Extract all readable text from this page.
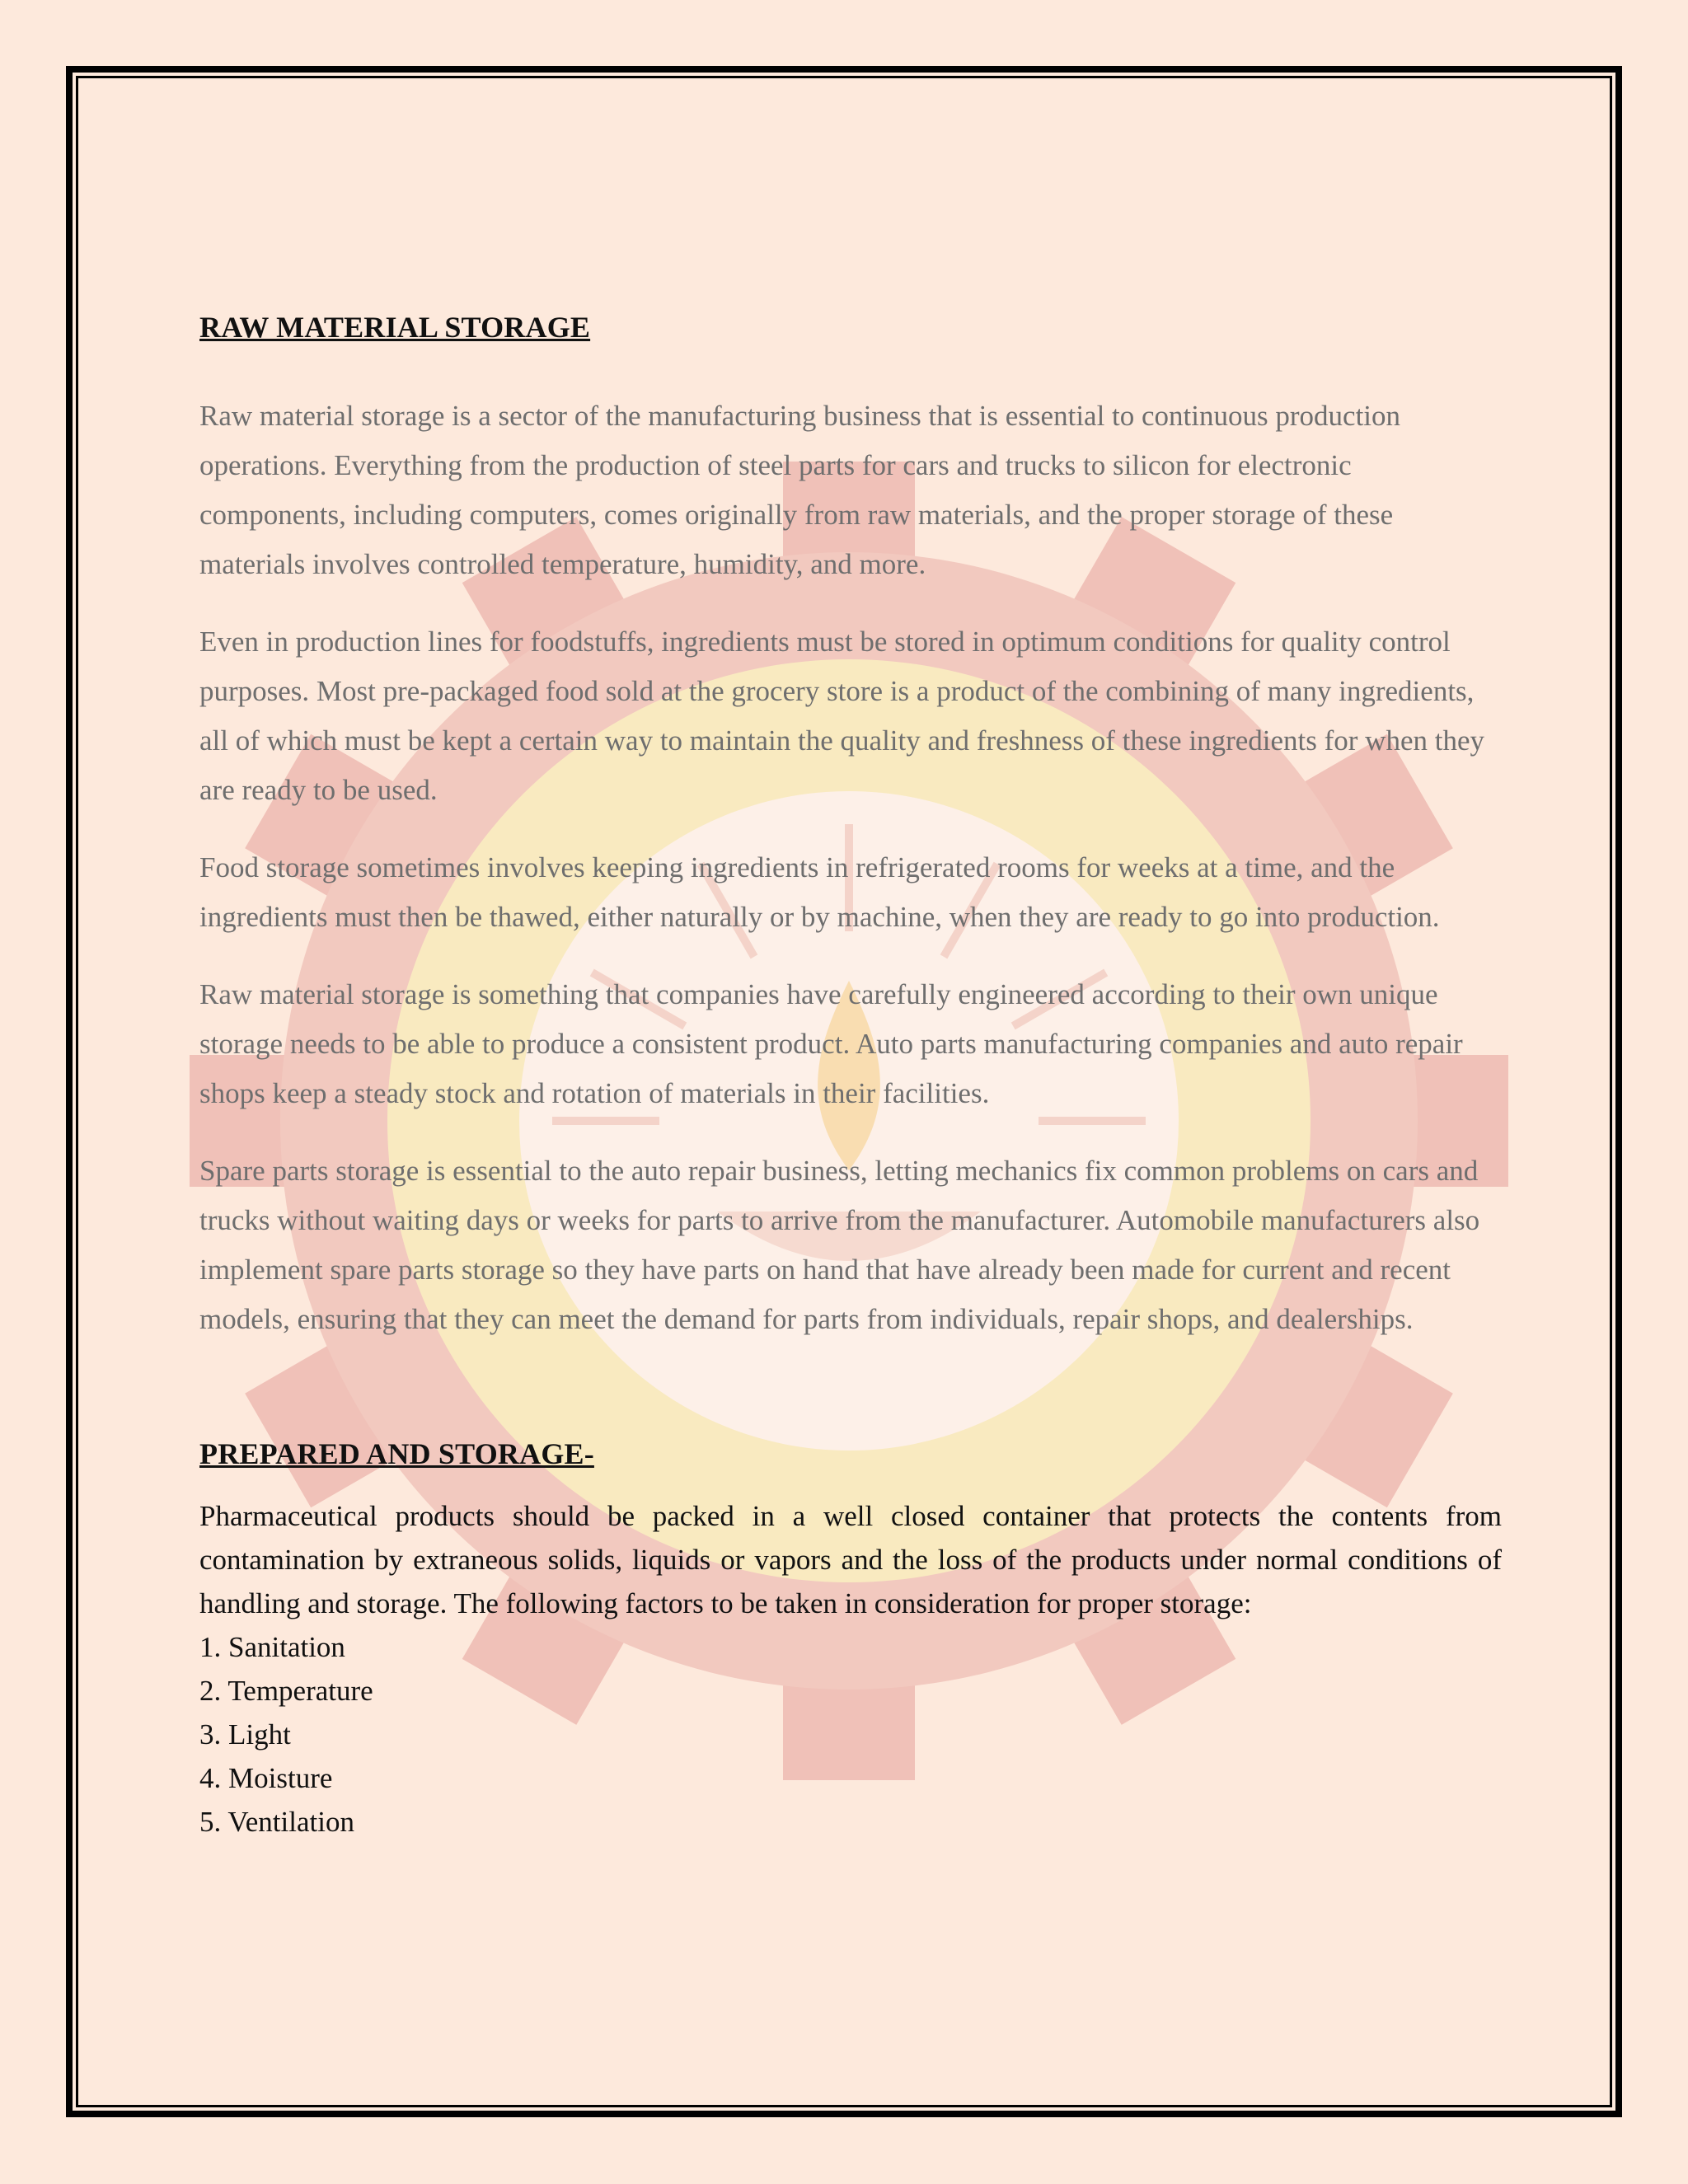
RAW MATERIAL STORAGE

Raw material storage is a sector of the manufacturing business that is essential to continuous production operations. Everything from the production of steel parts for cars and trucks to silicon for electronic components, including computers, comes originally from raw materials, and the proper storage of these materials involves controlled temperature, humidity, and more.

Even in production lines for foodstuffs, ingredients must be stored in optimum conditions for quality control purposes. Most pre-packaged food sold at the grocery store is a product of the combining of many ingredients, all of which must be kept a certain way to maintain the quality and freshness of these ingredients for when they are ready to be used.

Food storage sometimes involves keeping ingredients in refrigerated rooms for weeks at a time, and the ingredients must then be thawed, either naturally or by machine, when they are ready to go into production.

Raw material storage is something that companies have carefully engineered according to their own unique storage needs to be able to produce a consistent product. Auto parts manufacturing companies and auto repair shops keep a steady stock and rotation of materials in their facilities.

Spare parts storage is essential to the auto repair business, letting mechanics fix common problems on cars and trucks without waiting days or weeks for parts to arrive from the manufacturer. Automobile manufacturers also implement spare parts storage so they have parts on hand that have already been made for current and recent models, ensuring that they can meet the demand for parts from individuals, repair shops, and dealerships.

PREPARED AND STORAGE-

Pharmaceutical products should be packed in a well closed container that protects the contents from contamination by extraneous solids, liquids or vapors and the loss of the products under normal conditions of handling and storage. The following factors to be taken in consideration for proper storage:

1. Sanitation
2. Temperature
3. Light
4. Moisture
5. Ventilation
